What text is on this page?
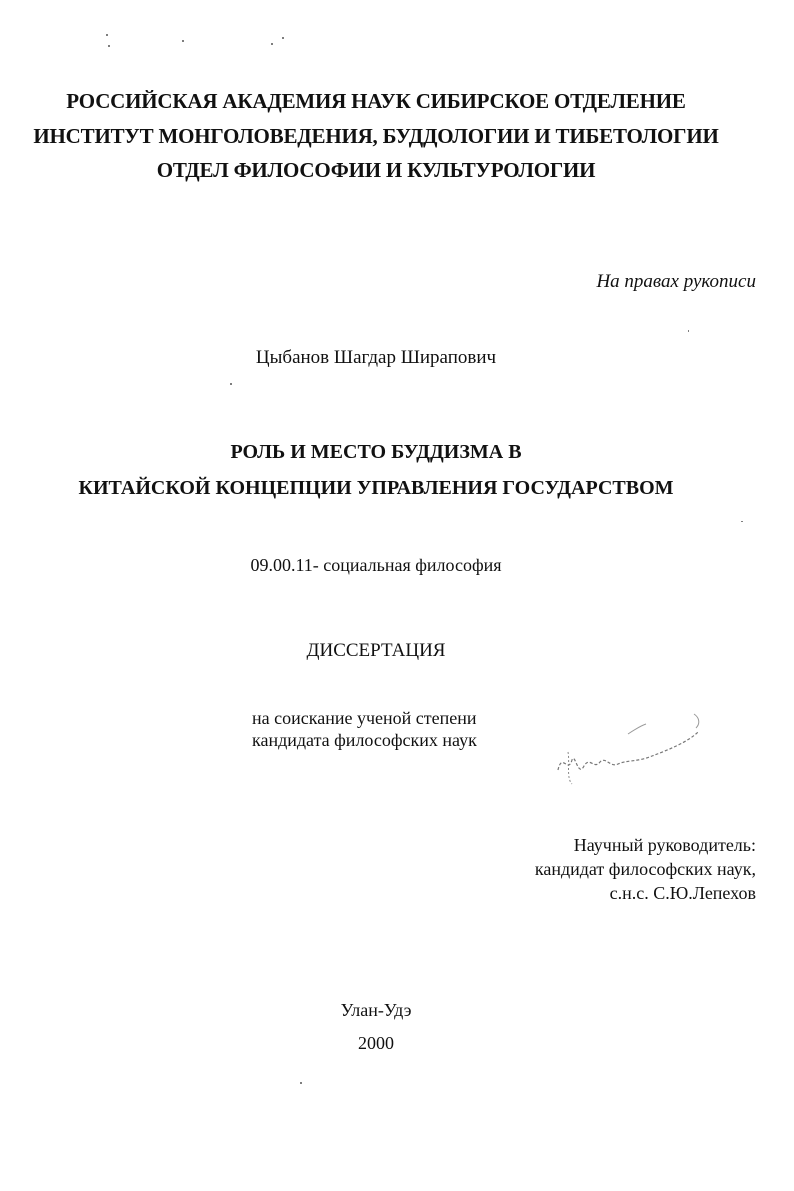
РОССИЙСКАЯ АКАДЕМИЯ НАУК СИБИРСКОЕ ОТДЕЛЕНИЕ
ИНСТИТУТ МОНГОЛОВЕДЕНИЯ, БУДДОЛОГИИ И ТИБЕТОЛОГИИ
ОТДЕЛ ФИЛОСОФИИ И КУЛЬТУРОЛОГИИ
На правах рукописи
Цыбанов Шагдар Ширапович
РОЛЬ И МЕСТО БУДДИЗМА В
КИТАЙСКОЙ КОНЦЕПЦИИ УПРАВЛЕНИЯ ГОСУДАРСТВОМ
09.00.11- социальная философия
ДИССЕРТАЦИЯ
на соискание ученой степени
кандидата философских наук
Научный руководитель:
кандидат философских наук,
с.н.с. С.Ю.Лепехов
Улан-Удэ
2000
